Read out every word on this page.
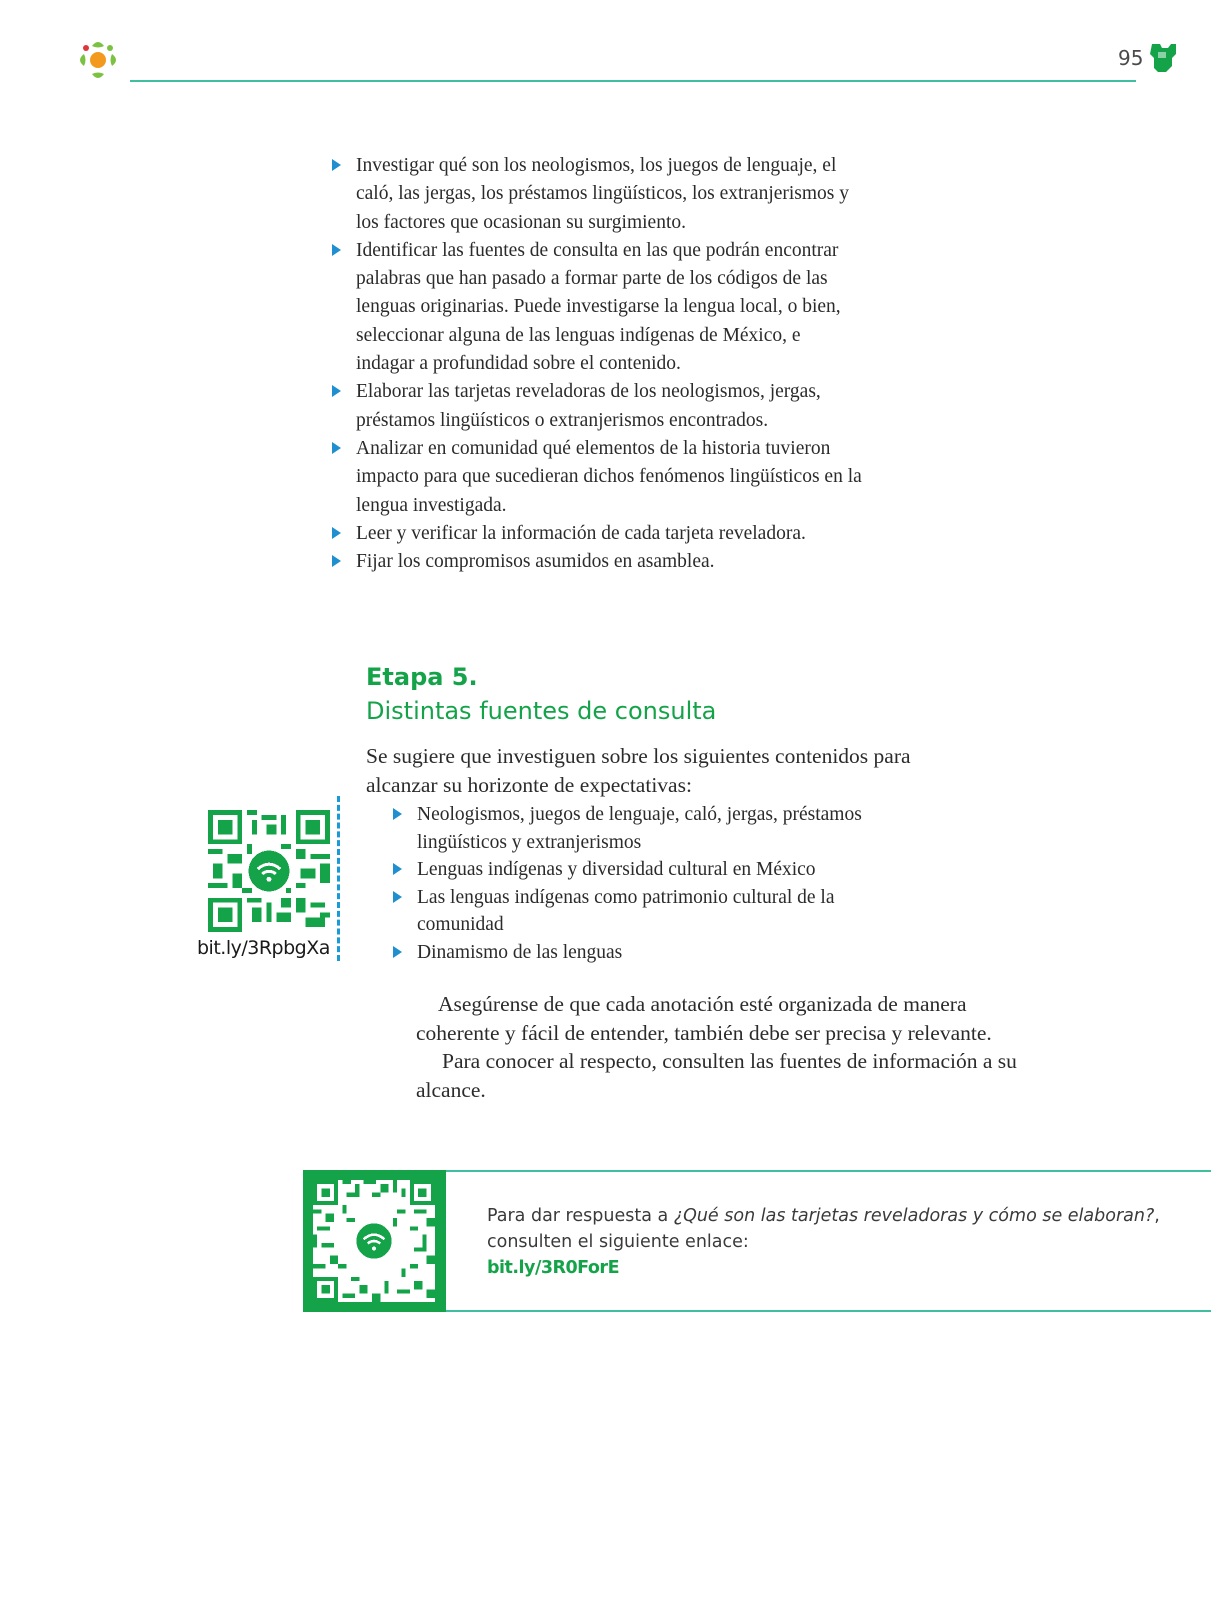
95
Investigar qué son los neologismos, los juegos de lenguaje, el caló, las jergas, los préstamos lingüísticos, los extranjerismos y los factores que ocasionan su surgimiento.
Identificar las fuentes de consulta en las que podrán encontrar palabras que han pasado a formar parte de los códigos de las lenguas originarias. Puede investigarse la lengua local, o bien, seleccionar alguna de las lenguas indígenas de México, e indagar a profundidad sobre el contenido.
Elaborar las tarjetas reveladoras de los neologismos, jergas, préstamos lingüísticos o extranjerismos encontrados.
Analizar en comunidad qué elementos de la historia tuvieron impacto para que sucedieran dichos fenómenos lingüísticos en la lengua investigada.
Leer y verificar la información de cada tarjeta reveladora.
Fijar los compromisos asumidos en asamblea.
Etapa 5.
Distintas fuentes de consulta
Se sugiere que investiguen sobre los siguientes contenidos para alcanzar su horizonte de expectativas:
bit.ly/3RpbgXa
Neologismos, juegos de lenguaje, caló, jergas, préstamos lingüísticos y extranjerismos
Lenguas indígenas y diversidad cultural en México
Las lenguas indígenas como patrimonio cultural de la comunidad
Dinamismo de las lenguas

Asegúrense de que cada anotación esté organizada de manera coherente y fácil de entender, también debe ser precisa y relevante.

Para conocer al respecto, consulten las fuentes de información a su alcance.

Para dar respuesta a ¿Qué son las tarjetas reveladoras y cómo se elaboran?, consulten el siguiente enlace:
bit.ly/3R0ForE
